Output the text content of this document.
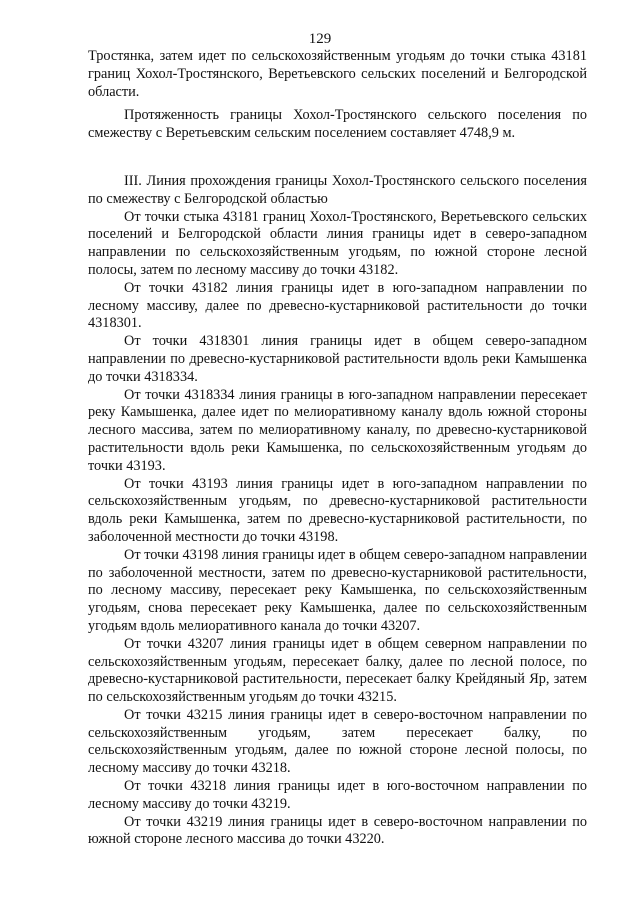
129

Тростянка, затем идет по сельскохозяйственным угодьям до точки стыка 43181 границ Хохол-Тростянского, Веретьевского сельских поселений и Белгородской области.

Протяженность границы Хохол-Тростянского сельского поселения по смежеству с Веретьевским сельским поселением составляет 4748,9 м.

III. Линия прохождения границы Хохол-Тростянского сельского поселения по смежеству с Белгородской областью

От точки стыка 43181 границ Хохол-Тростянского, Веретьевского сельских поселений и Белгородской области линия границы идет в северо-западном направлении по сельскохозяйственным угодьям, по южной стороне лесной полосы, затем по лесному массиву до точки 43182.

От точки 43182 линия границы идет в юго-западном направлении по лесному массиву, далее по древесно-кустарниковой растительности до точки 4318301.

От точки 4318301 линия границы идет в общем северо-западном направлении по древесно-кустарниковой растительности вдоль реки Камышенка до точки 4318334.

От точки 4318334 линия границы в юго-западном направлении пересекает реку Камышенка, далее идет по мелиоративному каналу вдоль южной стороны лесного массива, затем по мелиоративному каналу, по древесно-кустарниковой растительности вдоль реки Камышенка, по сельскохозяйственным угодьям до точки 43193.

От точки 43193 линия границы идет в юго-западном направлении по сельскохозяйственным угодьям, по древесно-кустарниковой растительности вдоль реки Камышенка, затем по древесно-кустарниковой растительности, по заболоченной местности до точки 43198.

От точки 43198 линия границы идет в общем северо-западном направлении по заболоченной местности, затем по древесно-кустарниковой растительности, по лесному массиву, пересекает реку Камышенка, по сельскохозяйственным угодьям, снова пересекает реку Камышенка, далее по сельскохозяйственным угодьям вдоль мелиоративного канала до точки 43207.

От точки 43207 линия границы идет в общем северном направлении по сельскохозяйственным угодьям, пересекает балку, далее по лесной полосе, по древесно-кустарниковой растительности, пересекает балку Крейдяный Яр, затем по сельскохозяйственным угодьям до точки 43215.

От точки 43215 линия границы идет в северо-восточном направлении по сельскохозяйственным угодьям, затем пересекает балку, по сельскохозяйственным угодьям, далее по южной стороне лесной полосы, по лесному массиву до точки 43218.

От точки 43218 линия границы идет в юго-восточном направлении по лесному массиву до точки 43219.

От точки 43219 линия границы идет в северо-восточном направлении по южной стороне лесного массива до точки 43220.
